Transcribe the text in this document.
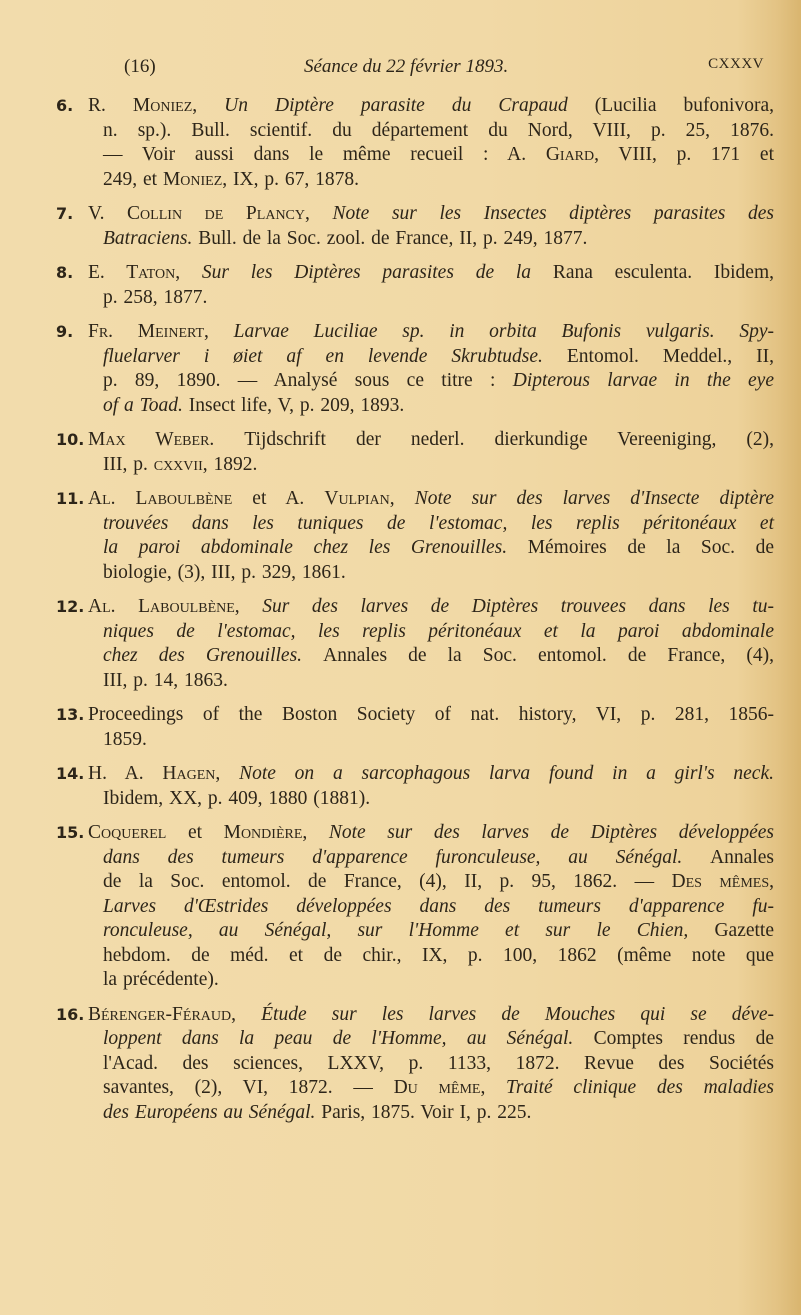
(16)	Séance du 22 février 1893.	CXXXV
6. R. Moniez, Un Diptère parasite du Crapaud (Lucilia bufonivora,
n. sp.). Bull. scientif. du département du Nord, VIII, p. 25, 1876.
— Voir aussi dans le même recueil : A. Giard, VIII, p. 171 et
249, et Moniez, IX, p. 67, 1878.
7. V. Collin de Plancy, Note sur les Insectes diptères parasites des
Batraciens. Bull. de la Soc. zool. de France, II, p. 249, 1877.
8. E. Taton, Sur les Diptères parasites de la Rana esculenta. Ibidem,
p. 258, 1877.
9. Fr. Meinert, Larvae Luciliae sp. in orbita Bufonis vulgaris. Spy-
fluelarver i øiet af en levende Skrubtudse. Entomol. Meddel., II,
p. 89, 1890. — Analysé sous ce titre : Dipterous larvae in the eye
of a Toad. Insect life, V, p. 209, 1893.
10. Max Weber. Tijdschrift der nederl. dierkundige Vereeniging, (2),
III, p. cxxvii, 1892.
11. Al. Laboulbène et A. Vulpian, Note sur des larves d'Insecte diptère
trouvées dans les tuniques de l'estomac, les replis péritonéaux et
la paroi abdominale chez les Grenouilles. Mémoires de la Soc. de
biologie, (3), III, p. 329, 1861.
12. Al. Laboulbène, Sur des larves de Diptères trouvees dans les tu-
niques de l'estomac, les replis péritonéaux et la paroi abdominale
chez des Grenouilles. Annales de la Soc. entomol. de France, (4),
III, p. 14, 1863.
13. Proceedings of the Boston Society of nat. history, VI, p. 281, 1856-
1859.
14. H. A. Hagen, Note on a sarcophagous larva found in a girl's neck.
Ibidem, XX, p. 409, 1880 (1881).
15. Coquerel et Mondière, Note sur des larves de Diptères développées
dans des tumeurs d'apparence furonculeuse, au Sénégal. Annales
de la Soc. entomol. de France, (4), II, p. 95, 1862. — Des mêmes,
Larves d'Œstrides développées dans des tumeurs d'apparence fu-
ronculeuse, au Sénégal, sur l'Homme et sur le Chien, Gazette
hebdom. de méd. et de chir., IX, p. 100, 1862 (même note que
la précédente).
16. Bérenger-Féraud, Étude sur les larves de Mouches qui se déve-
loppent dans la peau de l'Homme, au Sénégal. Comptes rendus de
l'Acad. des sciences, LXXV, p. 1133, 1872. Revue des Sociétés
savantes, (2), VI, 1872. — Du même, Traité clinique des maladies
des Européens au Sénégal. Paris, 1875. Voir I, p. 225.
